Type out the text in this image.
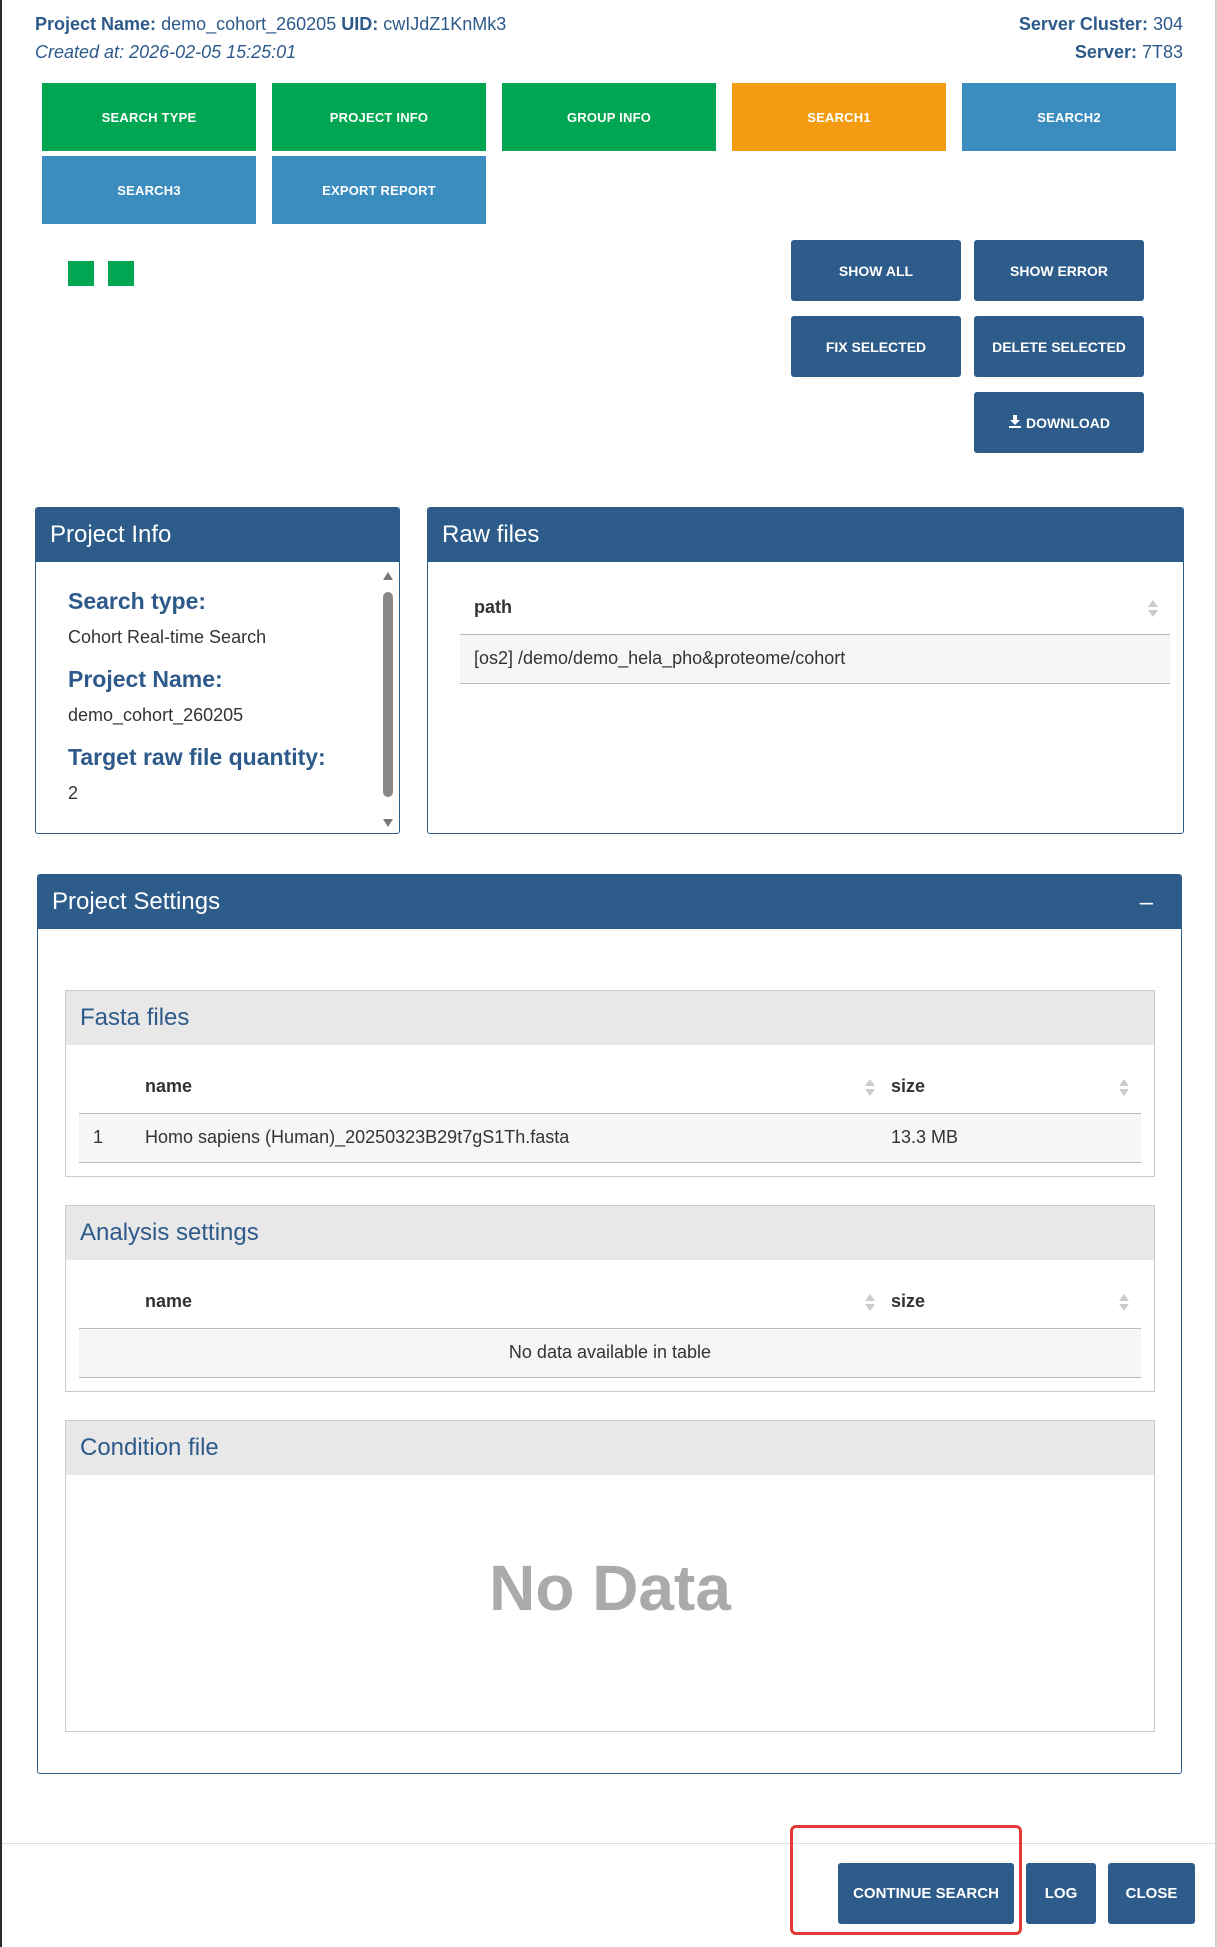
Project Name: demo_cohort_260205 UID: cwIJdZ1KnMk3
Created at: 2026-02-05 15:25:01
Server Cluster: 304
Server: 7T83
SEARCH TYPE	PROJECT INFO	GROUP INFO	SEARCH1	SEARCH2
SEARCH3	EXPORT REPORT
SHOW ALL	SHOW ERROR
FIX SELECTED	DELETE SELECTED
DOWNLOAD
Project Info
Search type:
Cohort Real-time Search
Project Name:
demo_cohort_260205
Target raw file quantity:
2
Raw files
path

[os2] /demo/demo_hela_pho&proteome/cohort
Project Settings	–
Fasta files
	name	size

1	Homo sapiens (Human)_20250323B29t7gS1Th.fasta	13.3 MB
Analysis settings
	name	size

No data available in table
Condition file
No Data
CONTINUE SEARCH	LOG	CLOSE
